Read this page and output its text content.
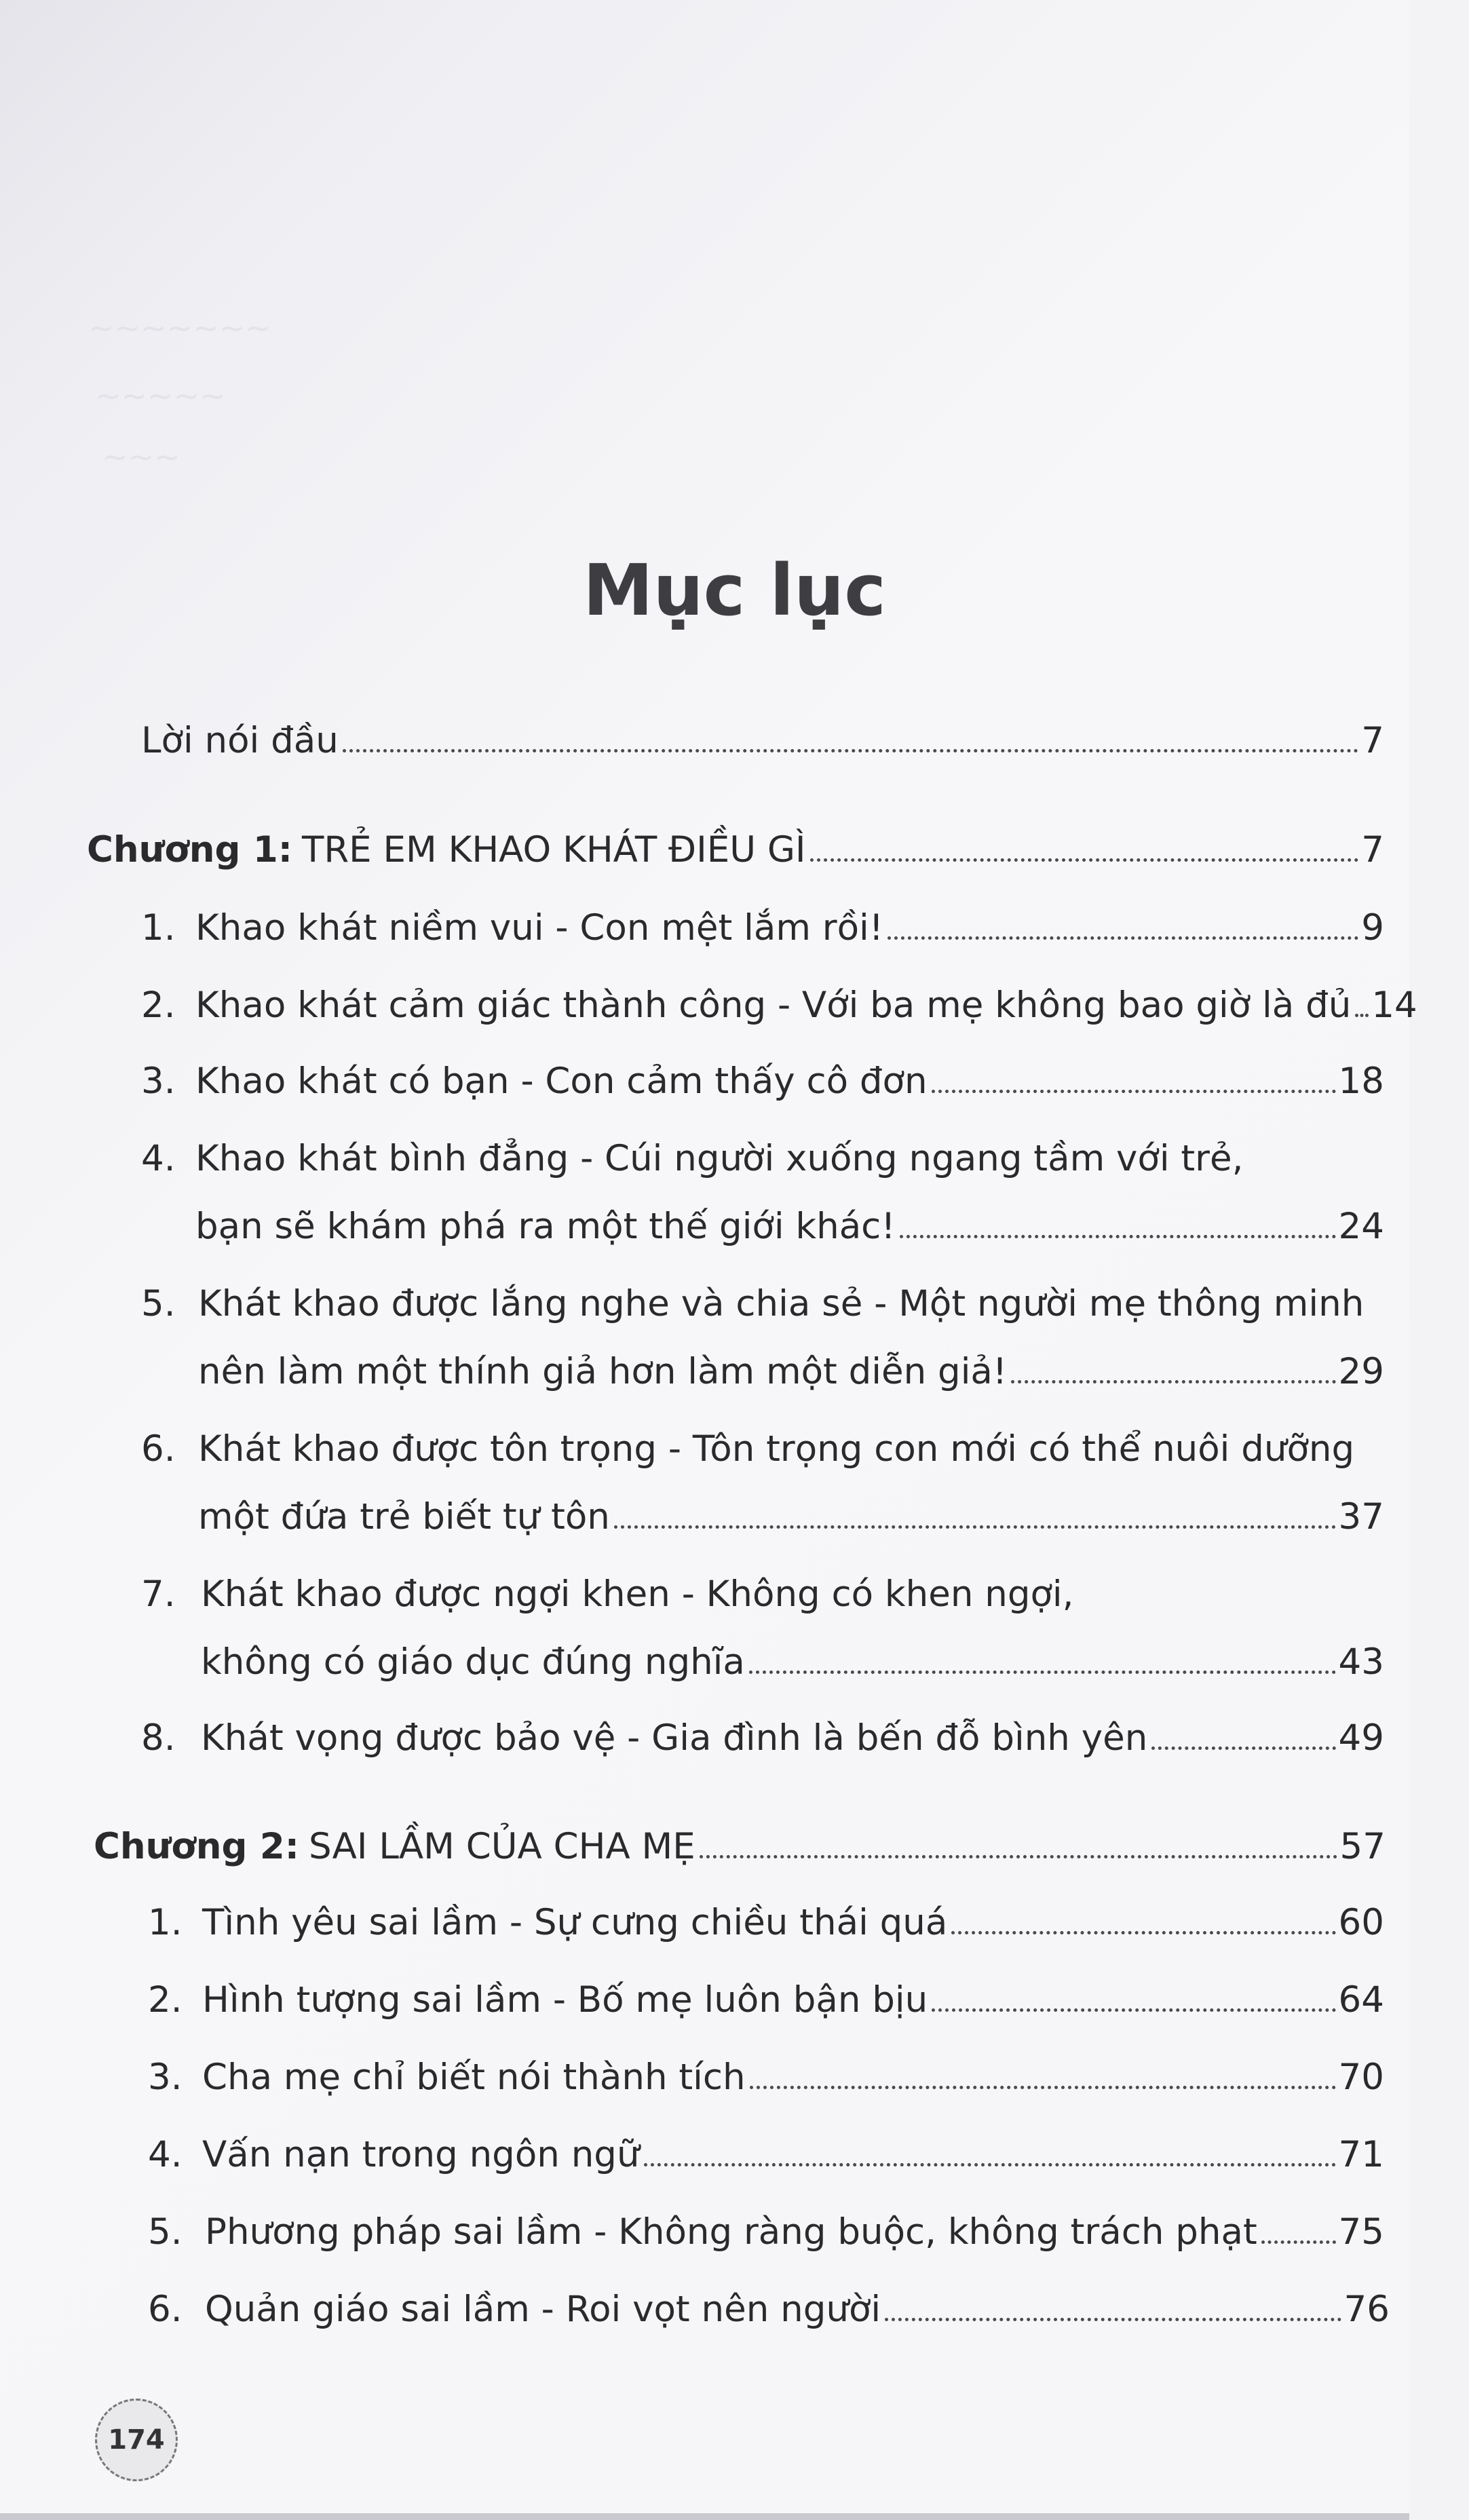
~~~~~~~
~~~~~
~~~
Mục lục
Lời nói đầu	7
Chương 1: TRẺ EM KHAO KHÁT ĐIỀU GÌ	7
1. Khao khát niềm vui - Con mệt lắm rồi!	9
2. Khao khát cảm giác thành công - Với ba mẹ không bao giờ là đủ 14
3. Khao khát có bạn - Con cảm thấy cô đơn	18
4. Khao khát bình đẳng - Cúi người xuống ngang tầm với trẻ,
bạn sẽ khám phá ra một thế giới khác!	24
5. Khát khao được lắng nghe và chia sẻ - Một người mẹ thông minh
nên làm một thính giả hơn làm một diễn giả!	29
6. Khát khao được tôn trọng - Tôn trọng con mới có thể nuôi dưỡng
một đứa trẻ biết tự tôn	37
7. Khát khao được ngợi khen - Không có khen ngợi,
không có giáo dục đúng nghĩa	43
8. Khát vọng được bảo vệ - Gia đình là bến đỗ bình yên	49
Chương 2: SAI LẦM CỦA CHA MẸ	57
1. Tình yêu sai lầm - Sự cưng chiều thái quá	60
2. Hình tượng sai lầm - Bố mẹ luôn bận bịu	64
3. Cha mẹ chỉ biết nói thành tích	70
4. Vấn nạn trong ngôn ngữ	71
5. Phương pháp sai lầm - Không ràng buộc, không trách phạt 75
6. Quản giáo sai lầm - Roi vọt nên người	76
174
